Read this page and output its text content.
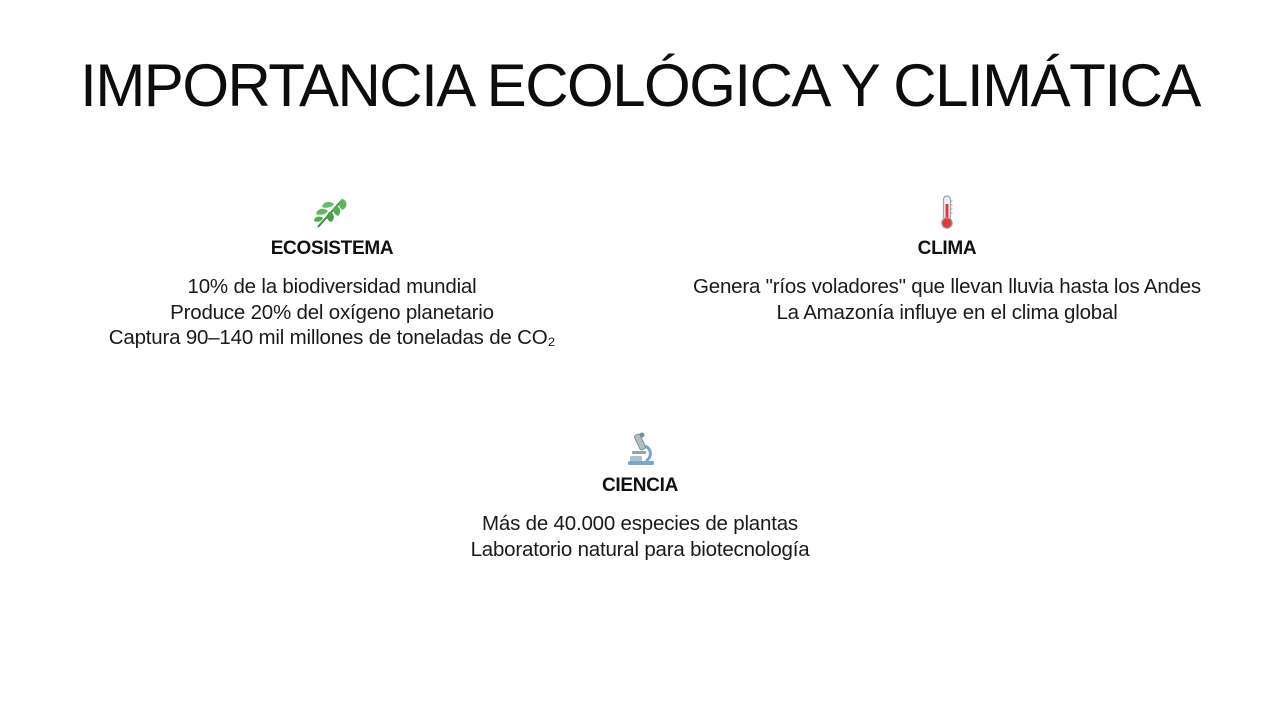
IMPORTANCIA ECOLÓGICA Y CLIMÁTICA
ECOSISTEMA
10% de la biodiversidad mundial
Produce 20% del oxígeno planetario
Captura 90–140 mil millones de toneladas de CO₂
CLIMA
Genera "ríos voladores" que llevan lluvia hasta los Andes
La Amazonía influye en el clima global
CIENCIA
Más de 40.000 especies de plantas
Laboratorio natural para biotecnología
